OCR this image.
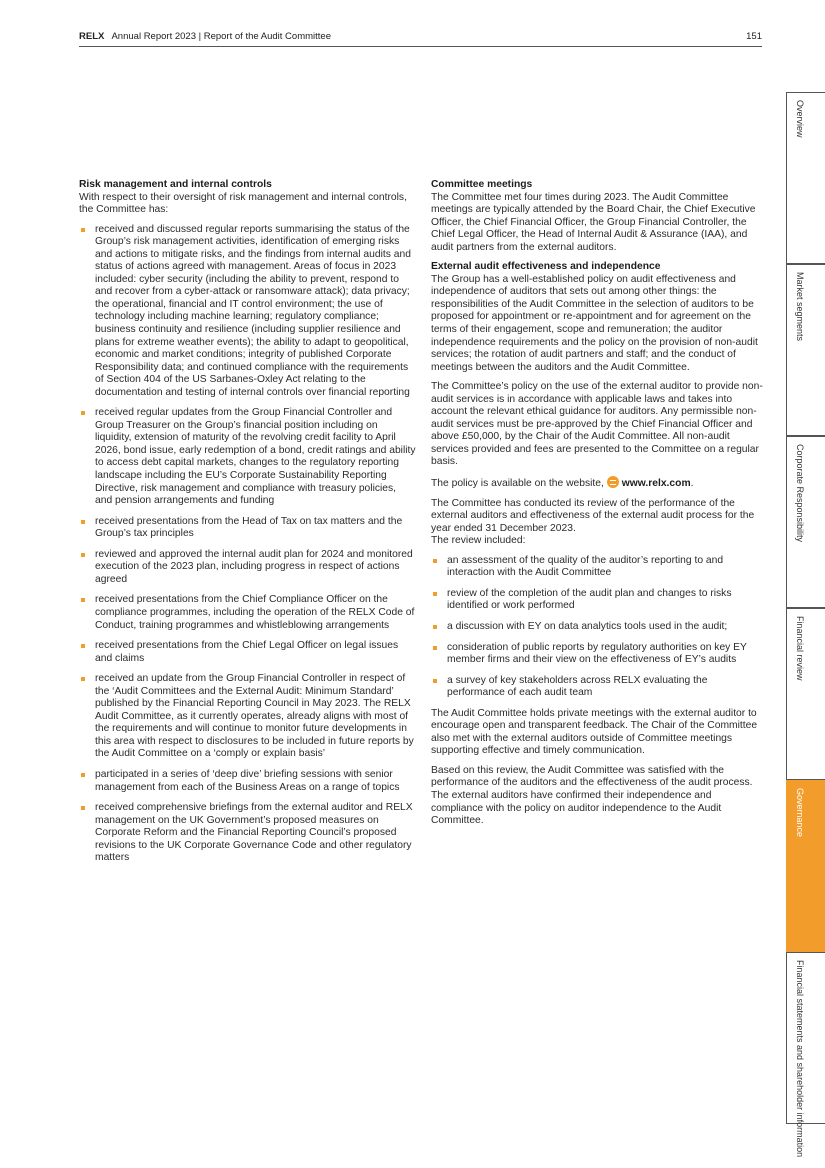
RELX Annual Report 2023 | Report of the Audit Committee	151
Risk management and internal controls

With respect to their oversight of risk management and internal controls, the Committee has:

received and discussed regular reports summarising the status of the Group’s risk management activities, identification of emerging risks and actions to mitigate risks, and the findings from internal audits and status of actions agreed with management. Areas of focus in 2023 included: cyber security (including the ability to prevent, respond to and recover from a cyber-attack or ransomware attack); data privacy; the operational, financial and IT control environment; the use of technology including machine learning; regulatory compliance; business continuity and resilience (including supplier resilience and plans for extreme weather events); the ability to adapt to geopolitical, economic and market conditions; integrity of published Corporate Responsibility data; and continued compliance with the requirements of Section 404 of the US Sarbanes-Oxley Act relating to the documentation and testing of internal controls over financial reporting
received regular updates from the Group Financial Controller and Group Treasurer on the Group’s financial position including on liquidity, extension of maturity of the revolving credit facility to April 2026, bond issue, early redemption of a bond, credit ratings and ability to access debt capital markets, changes to the regulatory reporting landscape including the EU’s Corporate Sustainability Reporting Directive, risk management and compliance with treasury policies, and pension arrangements and funding
received presentations from the Head of Tax on tax matters and the Group’s tax principles
reviewed and approved the internal audit plan for 2024 and monitored execution of the 2023 plan, including progress in respect of actions agreed
received presentations from the Chief Compliance Officer on the compliance programmes, including the operation of the RELX Code of Conduct, training programmes and whistleblowing arrangements
received presentations from the Chief Legal Officer on legal issues and claims
received an update from the Group Financial Controller in respect of the ‘Audit Committees and the External Audit: Minimum Standard’ published by the Financial Reporting Council in May 2023. The RELX Audit Committee, as it currently operates, already aligns with most of the requirements and will continue to monitor future developments in this area with respect to disclosures to be included in future reports by the Audit Committee on a ‘comply or explain basis’
participated in a series of ‘deep dive’ briefing sessions with senior management from each of the Business Areas on a range of topics
received comprehensive briefings from the external auditor and RELX management on the UK Government’s proposed measures on Corporate Reform and the Financial Reporting Council’s proposed revisions to the UK Corporate Governance Code and other regulatory matters
Committee meetings

The Committee met four times during 2023. The Audit Committee meetings are typically attended by the Board Chair, the Chief Executive Officer, the Chief Financial Officer, the Group Financial Controller, the Chief Legal Officer, the Head of Internal Audit & Assurance (IAA), and audit partners from the external auditors.

External audit effectiveness and independence

The Group has a well-established policy on audit effectiveness and independence of auditors that sets out among other things: the responsibilities of the Audit Committee in the selection of auditors to be proposed for appointment or re-appointment and for agreement on the terms of their engagement, scope and remuneration; the auditor independence requirements and the policy on the provision of non-audit services; the rotation of audit partners and staff; and the conduct of meetings between the auditors and the Audit Committee.

The Committee’s policy on the use of the external auditor to provide non-audit services is in accordance with applicable laws and takes into account the relevant ethical guidance for auditors. Any permissible non-audit services must be pre-approved by the Chief Financial Officer and above £50,000, by the Chair of the Audit Committee. All non-audit services provided and fees are presented to the Committee on a regular basis.

The policy is available on the website, www.relx.com.

The Committee has conducted its review of the performance of the external auditors and effectiveness of the external audit process for the year ended 31 December 2023.
The review included:

an assessment of the quality of the auditor’s reporting to and interaction with the Audit Committee
review of the completion of the audit plan and changes to risks identified or work performed
a discussion with EY on data analytics tools used in the audit;
consideration of public reports by regulatory authorities on key EY member firms and their view on the effectiveness of EY’s audits
a survey of key stakeholders across RELX evaluating the performance of each audit team

The Audit Committee holds private meetings with the external auditor to encourage open and transparent feedback. The Chair of the Committee also met with the external auditors outside of Committee meetings supporting effective and timely communication.

Based on this review, the Audit Committee was satisfied with the performance of the auditors and the effectiveness of the audit process. The external auditors have confirmed their independence and compliance with the policy on auditor independence to the Audit Committee.

Overview
Market segments
Corporate Responsibility
Financial review
Governance
Financial statements and shareholder information
